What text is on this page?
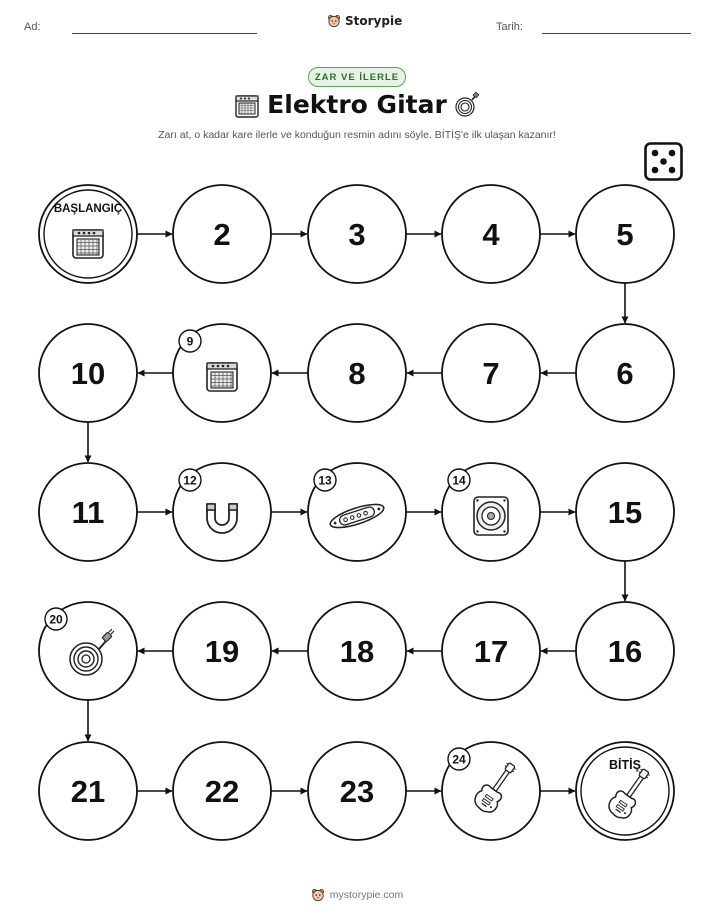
Ad:	Storypie	Tarih:
ZAR VE İLERLE
Elektro Gitar
Zarı at, o kadar kare ilerle ve konduğun resmin adını söyle. BİTİŞ'e ilk ulaşan kazanır!
BAŞLANGIÇ
2	3	4	5
6
7
8
9
10
11
12	13	14
15
16
17
18
19
20
21	22	23
24	BİTİŞ
mystorypie.com
